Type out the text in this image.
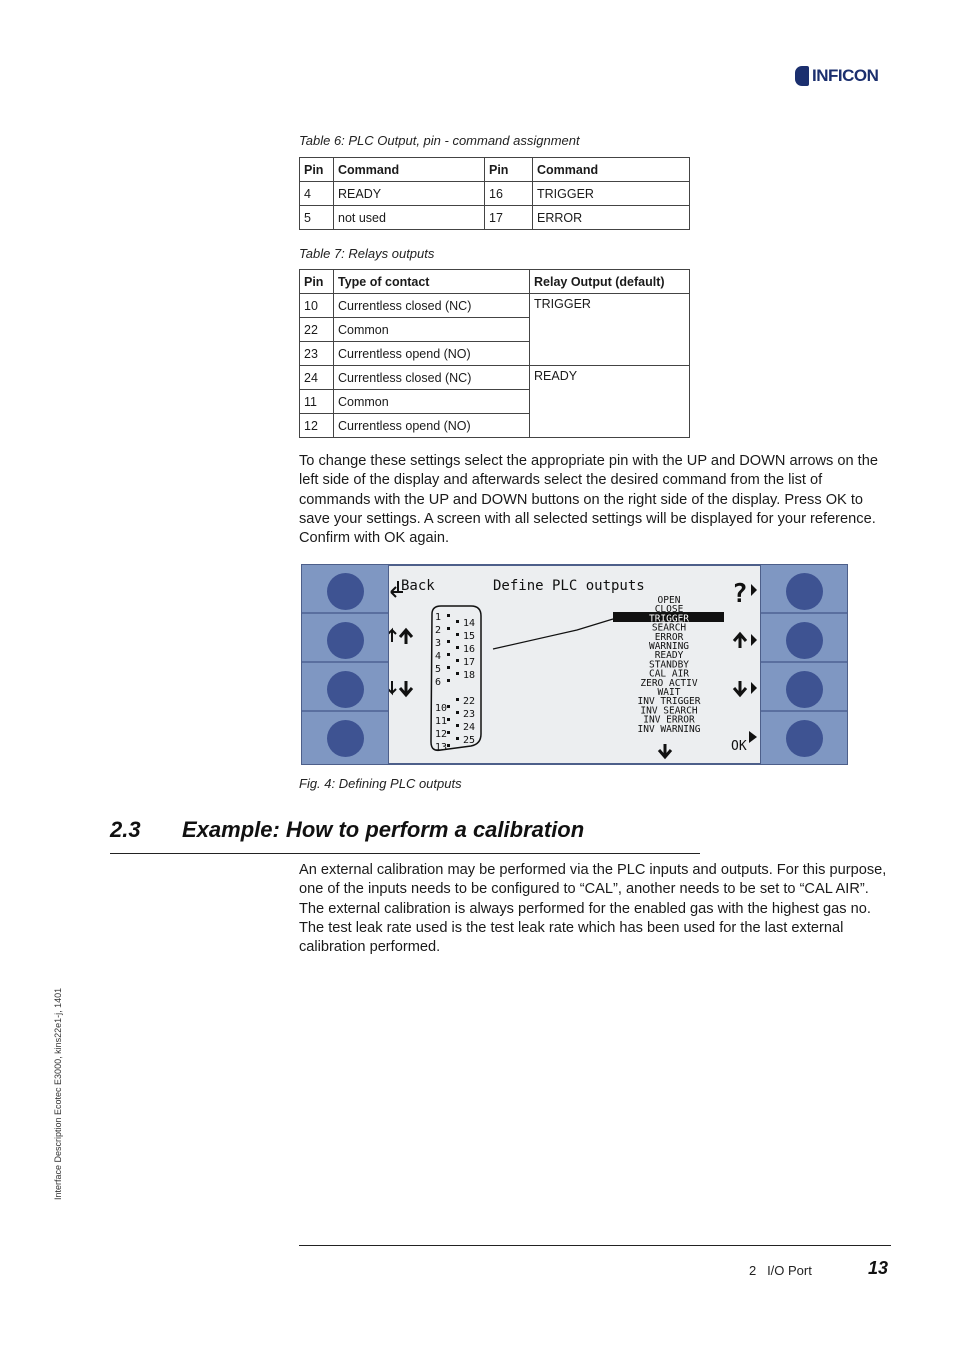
INFICON
Table 6: PLC Output, pin - command assignment
Pin	Command	Pin	Command
4	READY	16	TRIGGER
5	not used	17	ERROR
Table 7: Relays outputs
Pin	Type of contact	Relay Output (default)
10	Currentless closed (NC)	TRIGGER
22	Common	
23	Currentless opend (NO)	
24	Currentless closed (NC)	READY
11	Common	
12	Currentless opend (NO)	

To change these settings select the appropriate pin with the UP and DOWN arrows on the left side of the display and afterwards select the desired command from the list of commands with the UP and DOWN buttons on the right side of the display. Press OK to save your settings. A screen with all selected settings will be displayed for your reference. Confirm with OK again.

Back	Define PLC outputs	?
OK
1
2
3
4
5
6
10
11
12
13
14
15
16
17
18
22
23
24
25
OPEN
CLOSE
TRIGGER
SEARCH
ERROR
WARNING
READY
STANDBY
CAL AIR
ZERO ACTIV
WAIT
INV TRIGGER
INV SEARCH
INV ERROR
INV WARNING
Fig. 4: Defining PLC outputs
2.3 Example: How to perform a calibration

An external calibration may be performed via the PLC inputs and outputs. For this purpose, one of the inputs needs to be configured to “CAL”, another needs to be set to “CAL AIR”. The external calibration is always performed for the enabled gas with the highest gas no. The test leak rate used is the test leak rate which has been used for the last external calibration performed.

Interface Description Ecotec E3000, kins22e1-j, 1401
2   I/O Port	13
